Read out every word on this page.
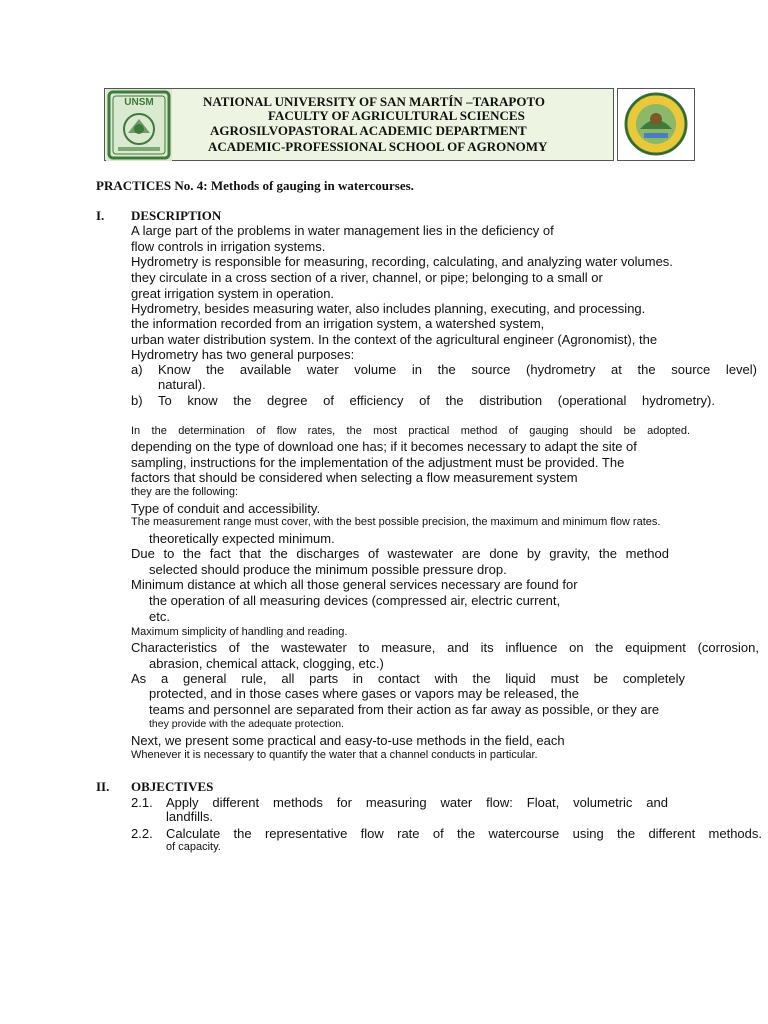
UNSM	NATIONAL UNIVERSITY OF SAN MARTÍN –TARAPOTO
FACULTY OF AGRICULTURAL SCIENCES
AGROSILVOPASTORAL ACADEMIC DEPARTMENT
ACADEMIC-PROFESSIONAL SCHOOL OF AGRONOMY
PRACTICES No. 4: Methods of gauging in watercourses.
I. DESCRIPTION
A large part of the problems in water management lies in the deficiency of
flow controls in irrigation systems.
Hydrometry is responsible for measuring, recording, calculating, and analyzing water volumes.
they circulate in a cross section of a river, channel, or pipe; belonging to a small or
great irrigation system in operation.
Hydrometry, besides measuring water, also includes planning, executing, and processing.
the information recorded from an irrigation system, a watershed system,
urban water distribution system. In the context of the agricultural engineer (Agronomist), the
Hydrometry has two general purposes:
a) Know the available water volume in the source (hydrometry at the source level)
natural).
b) To know the degree of efficiency of the distribution (operational hydrometry).
In the determination of flow rates, the most practical method of gauging should be adopted.
depending on the type of download one has; if it becomes necessary to adapt the site of
sampling, instructions for the implementation of the adjustment must be provided. The
factors that should be considered when selecting a flow measurement system
they are the following:
Type of conduit and accessibility.
The measurement range must cover, with the best possible precision, the maximum and minimum flow rates.
theoretically expected minimum.
Due to the fact that the discharges of wastewater are done by gravity, the method
selected should produce the minimum possible pressure drop.
Minimum distance at which all those general services necessary are found for
the operation of all measuring devices (compressed air, electric current,
etc.
Maximum simplicity of handling and reading.
Characteristics of the wastewater to measure, and its influence on the equipment (corrosion,
abrasion, chemical attack, clogging, etc.)
As a general rule, all parts in contact with the liquid must be completely
protected, and in those cases where gases or vapors may be released, the
teams and personnel are separated from their action as far away as possible, or they are
they provide with the adequate protection.
Next, we present some practical and easy-to-use methods in the field, each
Whenever it is necessary to quantify the water that a channel conducts in particular.
II. OBJECTIVES
2.1. Apply different methods for measuring water flow: Float, volumetric and
landfills.
2.2. Calculate the representative flow rate of the watercourse using the different methods.
of capacity.
